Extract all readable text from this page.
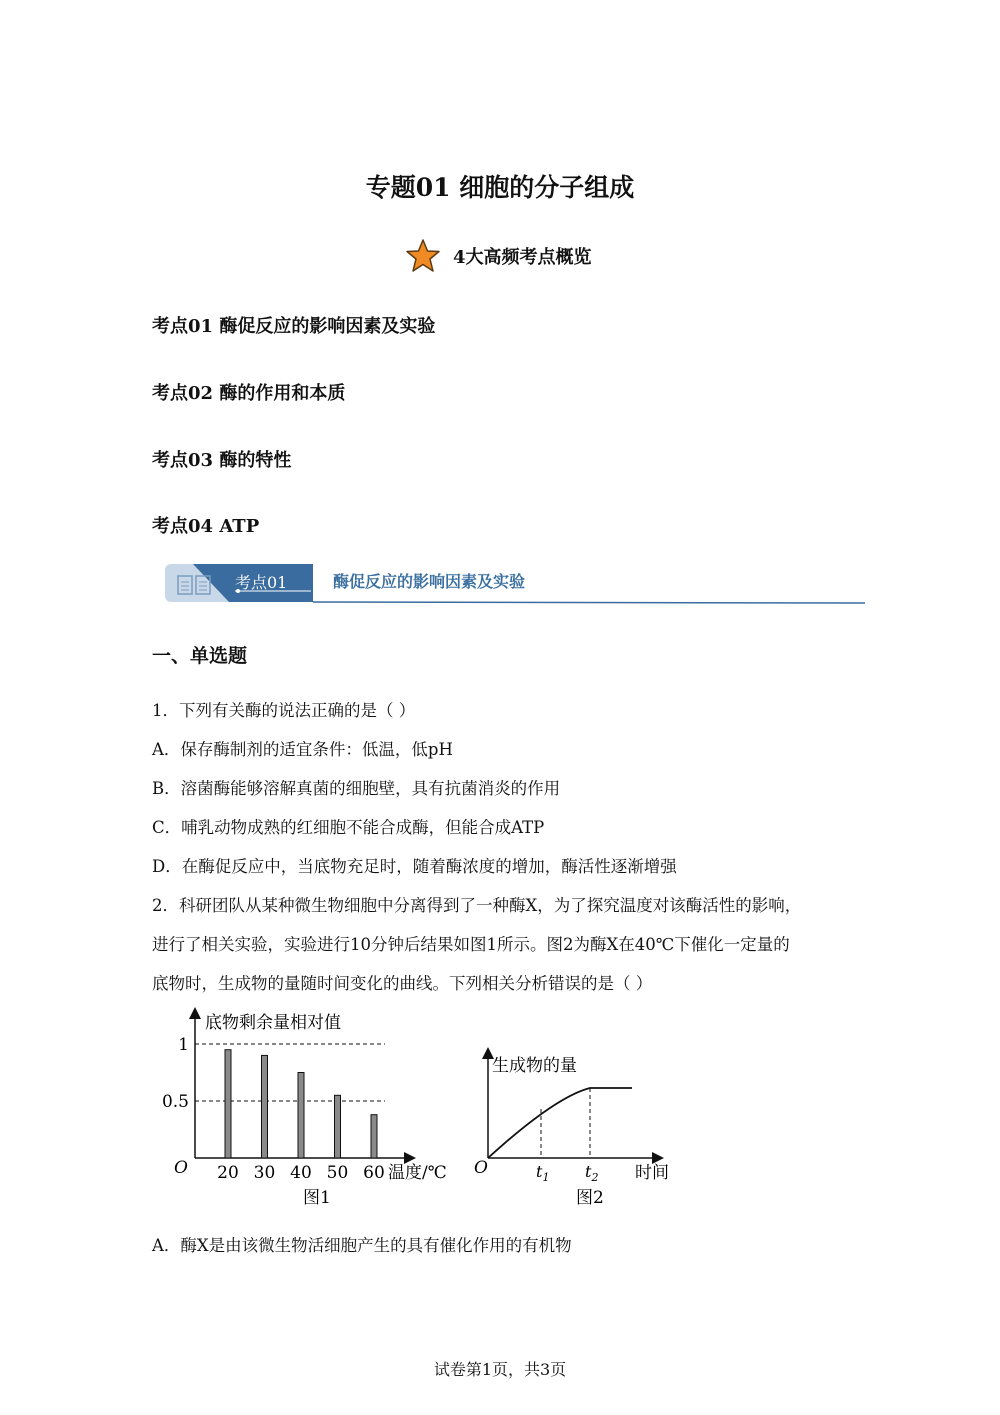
专题01 细胞的分子组成
4大高频考点概览
考点01 酶促反应的影响因素及实验
考点02 酶的作用和本质
考点03 酶的特性
考点04 ATP
考点01	酶促反应的影响因素及实验
一、单选题
1．下列有关酶的说法正确的是（ ）
A．保存酶制剂的适宜条件：低温，低pH
B．溶菌酶能够溶解真菌的细胞壁，具有抗菌消炎的作用
C．哺乳动物成熟的红细胞不能合成酶，但能合成ATP
D．在酶促反应中，当底物充足时，随着酶浓度的增加，酶活性逐渐增强
2．科研团队从某种微生物细胞中分离得到了一种酶X，为了探究温度对该酶活性的影响，
进行了相关实验，实验进行10分钟后结果如图1所示。图2为酶X在40℃下催化一定量的
底物时，生成物的量随时间变化的曲线。下列相关分析错误的是（ ）
底物剩余量相对值
O	温度/℃
图1
1
0.5
20 30 40 50 60
生成物的量
O	$t_1$ $t_2$ 时间
图2
A．酶X是由该微生物活细胞产生的具有催化作用的有机物
试卷第1页，共3页
